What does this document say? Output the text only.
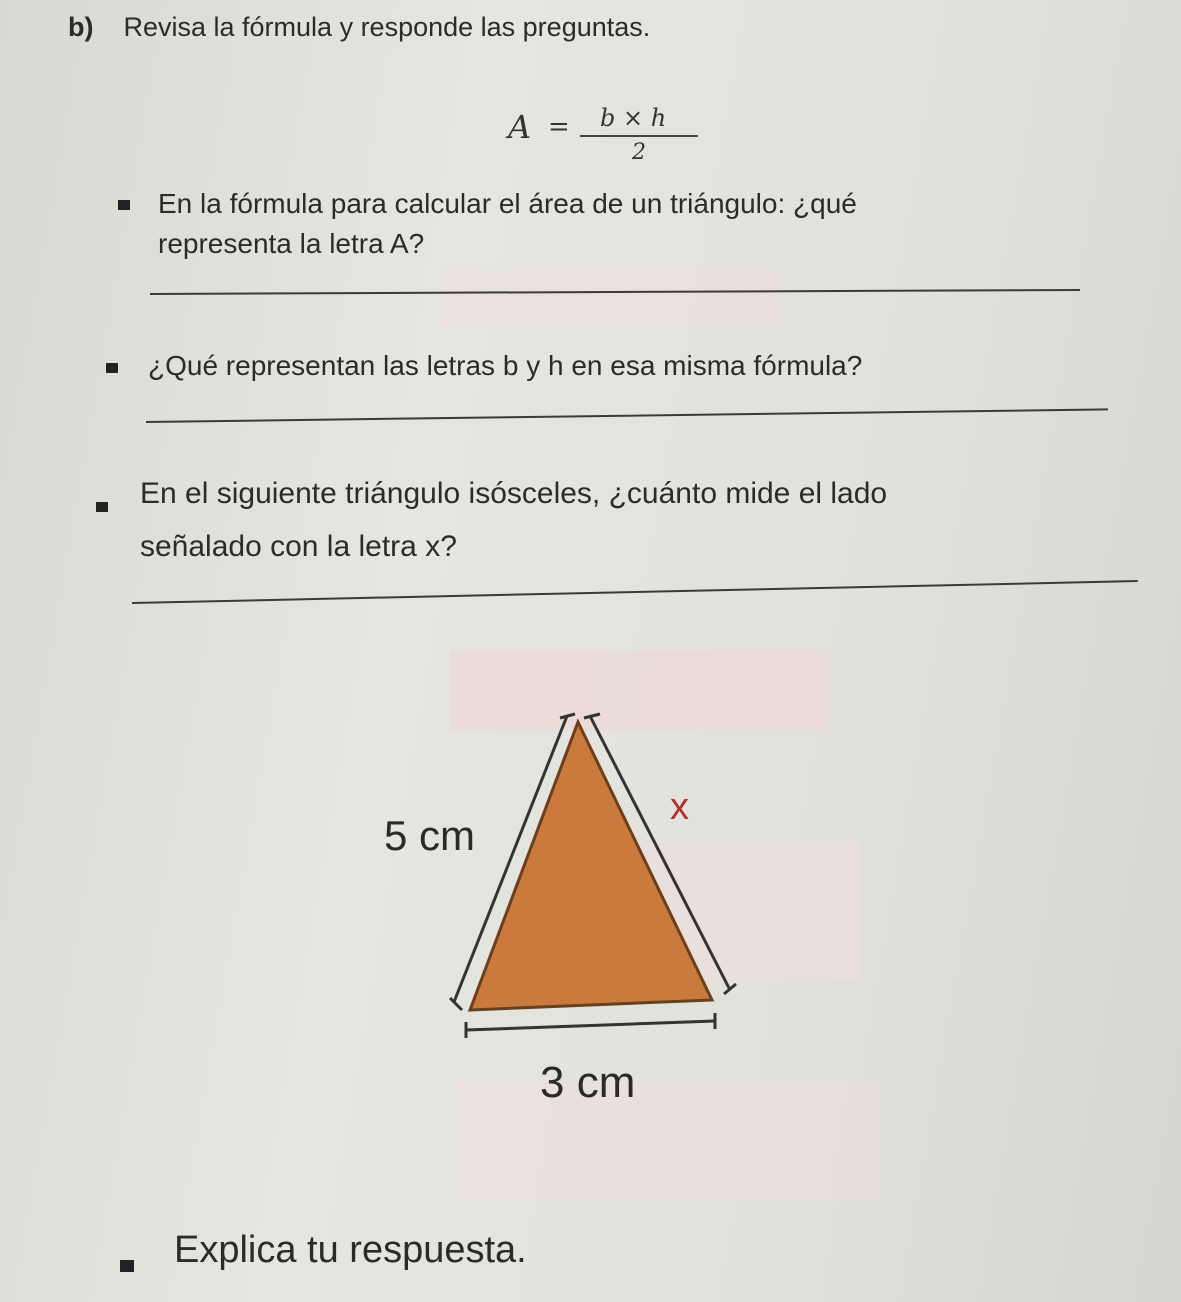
b) Revisa la fórmula y responde las preguntas.
A = b × h
2
En la fórmula para calcular el área de un triángulo: ¿qué
representa la letra A?
¿Qué representan las letras b y h en esa misma fórmula?
En el siguiente triángulo isósceles, ¿cuánto mide el lado
señalado con la letra x?
5 cm
x
3 cm
Explica tu respuesta.
